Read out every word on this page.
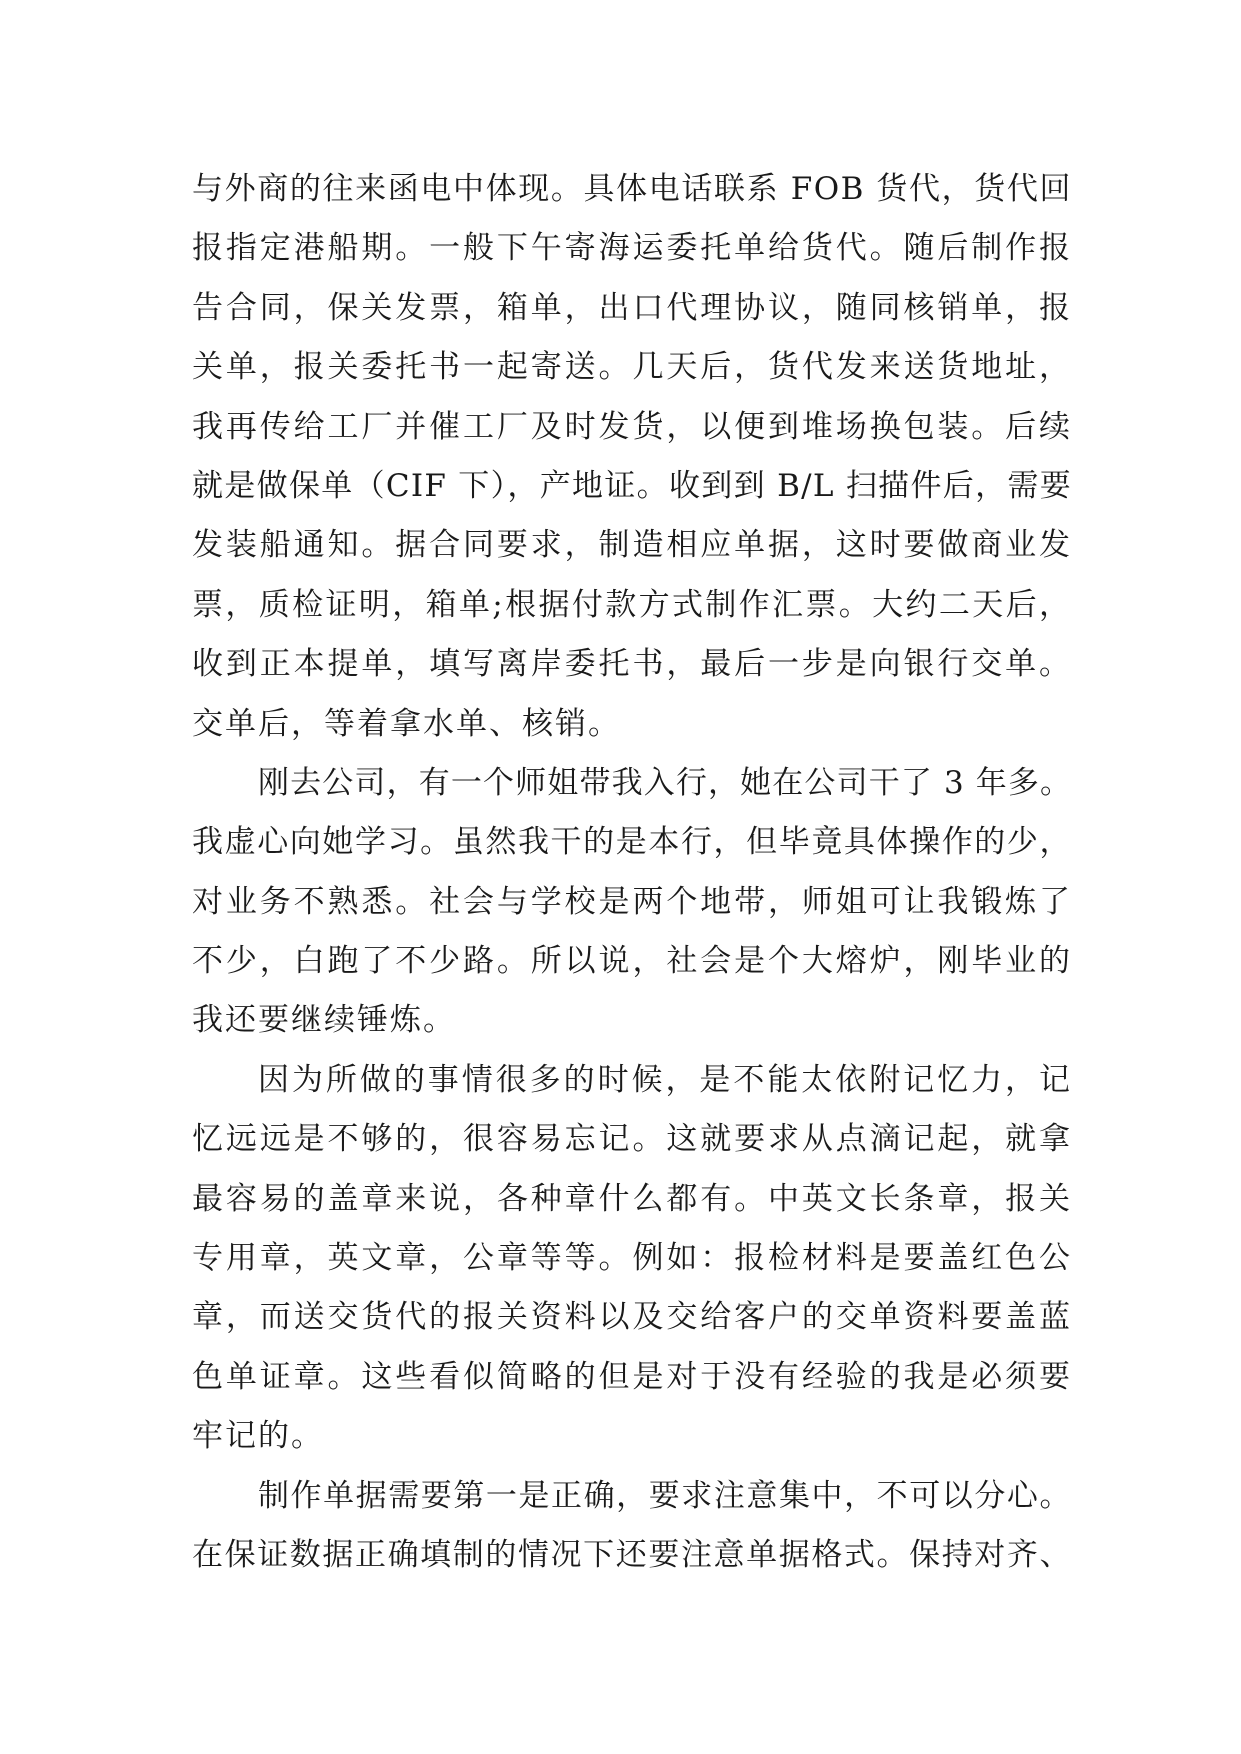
与外商的往来函电中体现。具体电话联系 FOB 货代，货代回
报指定港船期。一般下午寄海运委托单给货代。随后制作报
告合同，保关发票，箱单，出口代理协议，随同核销单，报
关单，报关委托书一起寄送。几天后，货代发来送货地址，
我再传给工厂并催工厂及时发货，以便到堆场换包装。后续
就是做保单（CIF 下），产地证。收到到 B/L 扫描件后，需要
发装船通知。据合同要求，制造相应单据，这时要做商业发
票，质检证明，箱单;根据付款方式制作汇票。大约二天后，
收到正本提单，填写离岸委托书，最后一步是向银行交单。
交单后，等着拿水单、核销。
刚去公司，有一个师姐带我入行，她在公司干了 3 年多。
我虚心向她学习。虽然我干的是本行，但毕竟具体操作的少，
对业务不熟悉。社会与学校是两个地带，师姐可让我锻炼了
不少，白跑了不少路。所以说，社会是个大熔炉，刚毕业的
我还要继续锤炼。
因为所做的事情很多的时候，是不能太依附记忆力，记
忆远远是不够的，很容易忘记。这就要求从点滴记起，就拿
最容易的盖章来说，各种章什么都有。中英文长条章，报关
专用章，英文章，公章等等。例如：报检材料是要盖红色公
章，而送交货代的报关资料以及交给客户的交单资料要盖蓝
色单证章。这些看似简略的但是对于没有经验的我是必须要
牢记的。
制作单据需要第一是正确，要求注意集中，不可以分心。
在保证数据正确填制的情况下还要注意单据格式。保持对齐、
